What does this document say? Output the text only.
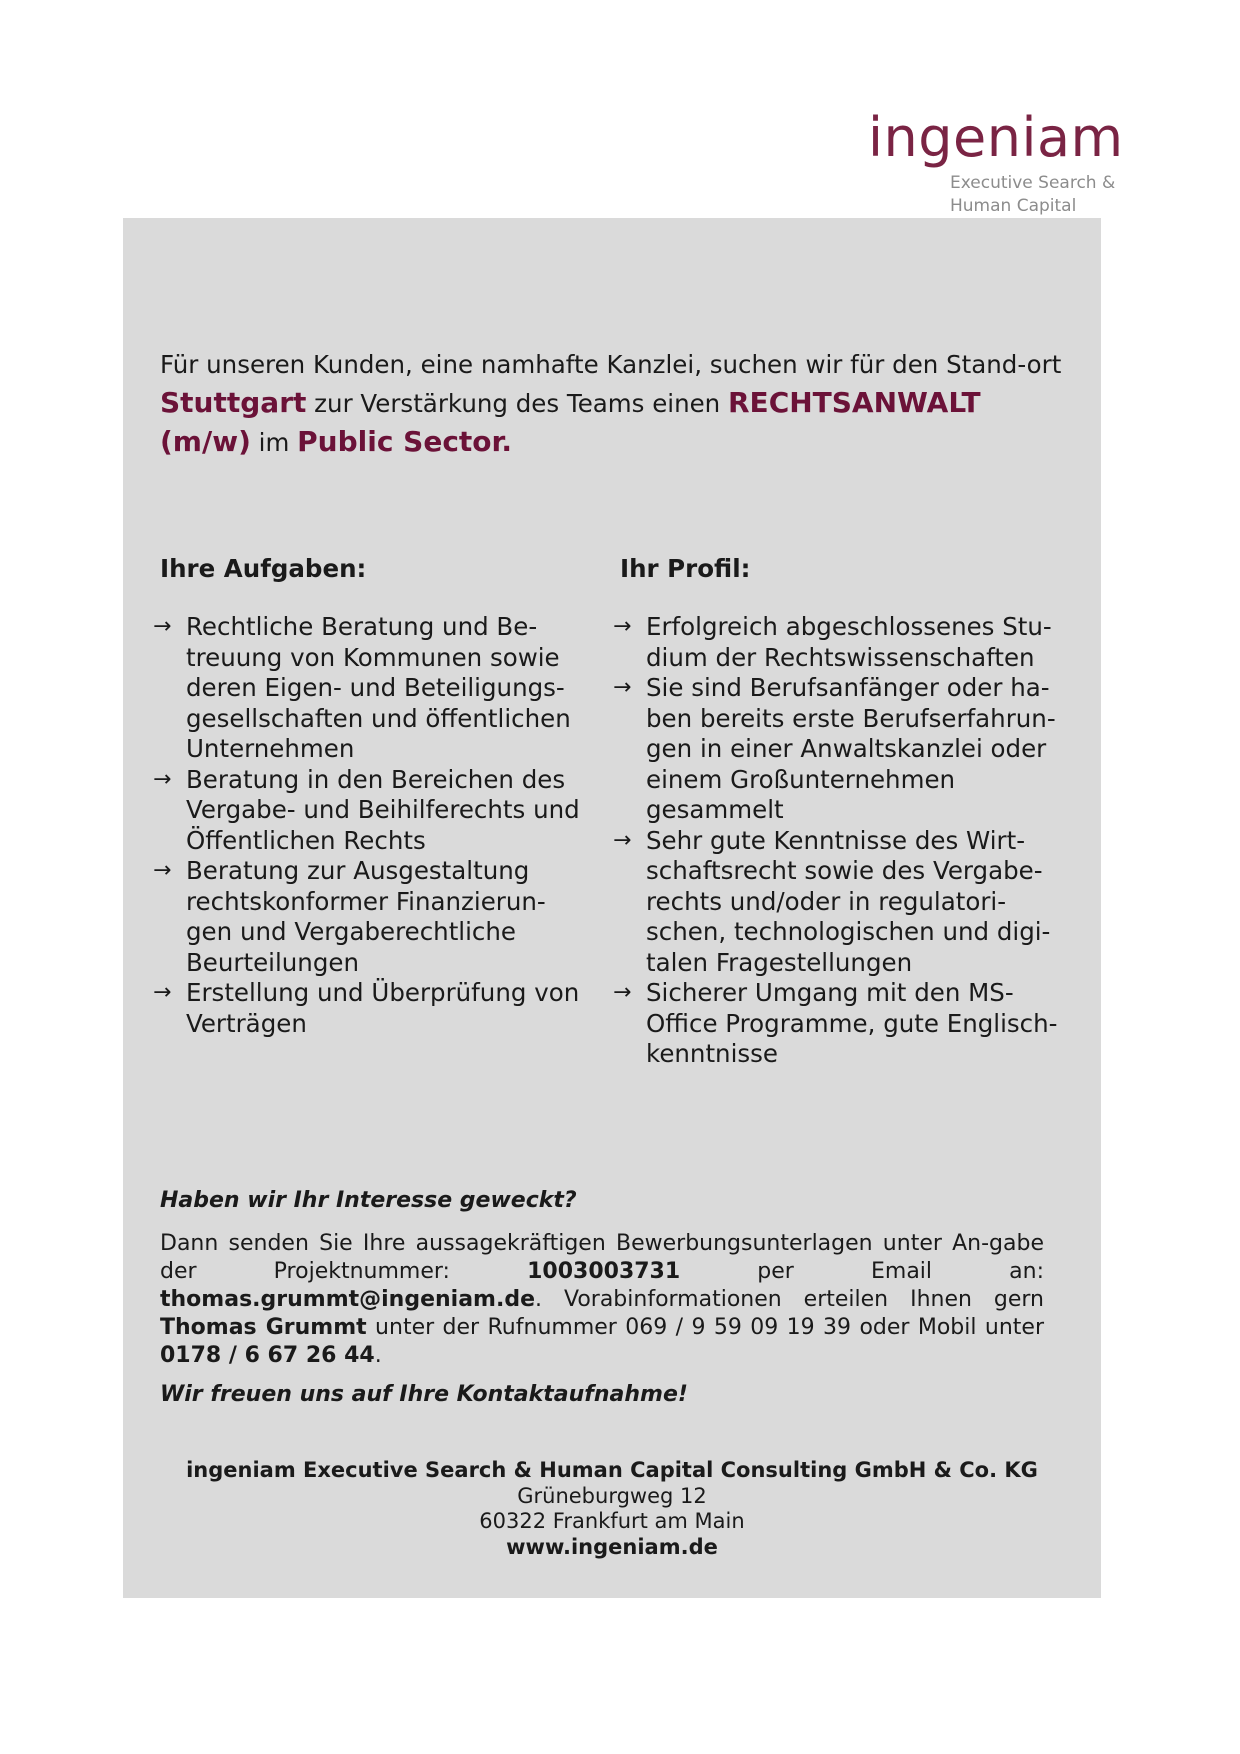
ingeniam
Executive Search &
Human Capital
Für unseren Kunden, eine namhafte Kanzlei, suchen wir für den Stand-ort Stuttgart zur Verstärkung des Teams einen RECHTSANWALT (m/w) im Public Sector.
Ihre Aufgaben:
→ Rechtliche Beratung und Be-treuung von Kommunen sowie deren Eigen- und Beteiligungs-gesellschaften und öffentlichen Unternehmen
→ Beratung in den Bereichen des Vergabe- und Beihilferechts und Öffentlichen Rechts
→ Beratung zur Ausgestaltung rechtskonformer Finanzierun-gen und Vergaberechtliche Beurteilungen
→ Erstellung und Überprüfung von Verträgen
Ihr Profil:
→ Erfolgreich abgeschlossenes Stu-dium der Rechtswissenschaften
→ Sie sind Berufsanfänger oder ha-ben bereits erste Berufserfahrun-gen in einer Anwaltskanzlei oder einem Großunternehmen gesammelt
→ Sehr gute Kenntnisse des Wirt-schaftsrecht sowie des Vergabe-rechts und/oder in regulatori-schen, technologischen und digi-talen Fragestellungen
→ Sicherer Umgang mit den MS-Office Programme, gute Englisch-kenntnisse
Haben wir Ihr Interesse geweckt?
Dann senden Sie Ihre aussagekräftigen Bewerbungsunterlagen unter An-gabe der Projektnummer: 1003003731 per Email an: thomas.grummt@ingeniam.de. Vorabinformationen erteilen Ihnen gern Thomas Grummt unter der Rufnummer 069 / 9 59 09 19 39 oder Mobil unter 0178 / 6 67 26 44.
Wir freuen uns auf Ihre Kontaktaufnahme!
ingeniam Executive Search & Human Capital Consulting GmbH & Co. KG
Grüneburgweg 12
60322 Frankfurt am Main
www.ingeniam.de
